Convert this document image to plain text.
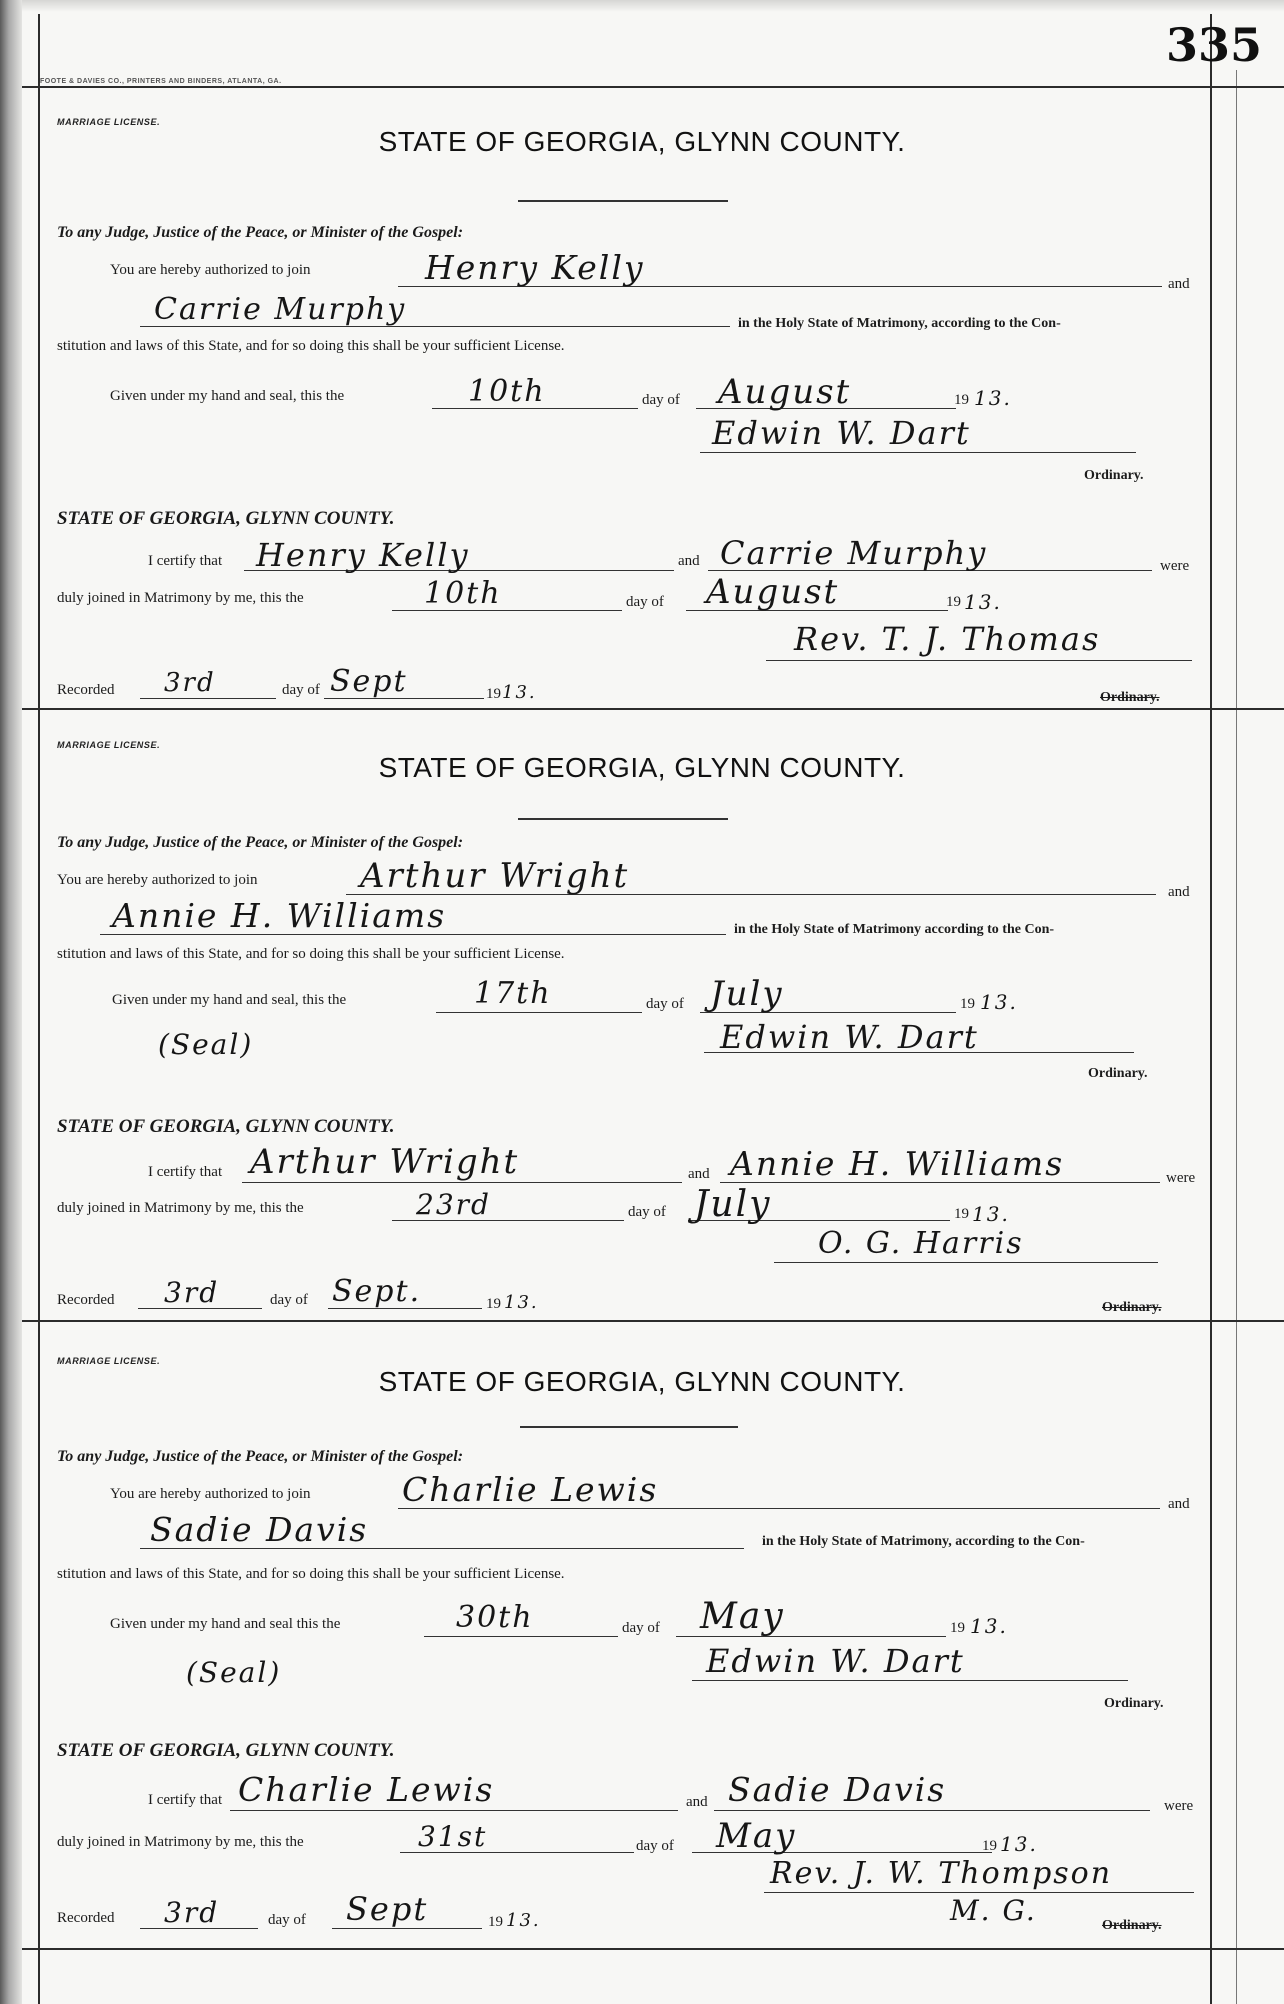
335
FOOTE & DAVIES CO., PRINTERS AND BINDERS, ATLANTA, GA.
MARRIAGE LICENSE.
STATE OF GEORGIA, GLYNN COUNTY.
To any Judge, Justice of the Peace, or Minister of the Gospel:
You are hereby authorized to join	Henry Kelly	and
Carrie Murphy	in the Holy State of Matrimony, according to the Con-
stitution and laws of this State, and for so doing this shall be your sufficient License.
Given under my hand and seal, this the	10th	day of August	19 13.
Edwin W. Dart
Ordinary.
STATE OF GEORGIA, GLYNN COUNTY.
I certify that Henry Kelly	and Carrie Murphy	were
duly joined in Matrimony by me, this the	10th	day of August	19 13.
Rev. T. J. Thomas
Recorded 3rd	day of Sept	19 13.	Ordinary.
MARRIAGE LICENSE.
STATE OF GEORGIA, GLYNN COUNTY.
To any Judge, Justice of the Peace, or Minister of the Gospel:
You are hereby authorized to join	Arthur Wright	and
Annie H. Williams	in the Holy State of Matrimony according to the Con-
stitution and laws of this State, and for so doing this shall be your sufficient License.
Given under my hand and seal, this the	17th	day of July	19 13.
(Seal)	Edwin W. Dart
Ordinary.
STATE OF GEORGIA, GLYNN COUNTY.
I certify that Arthur Wright	and Annie H. Williams	were
duly joined in Matrimony by me, this the	23rd	day of July	19 13.
O. G. Harris
Recorded 3rd	day of Sept.	19 13.	Ordinary.
MARRIAGE LICENSE.
STATE OF GEORGIA, GLYNN COUNTY.
To any Judge, Justice of the Peace, or Minister of the Gospel:
You are hereby authorized to join	Charlie Lewis	and
Sadie Davis	in the Holy State of Matrimony, according to the Con-
stitution and laws of this State, and for so doing this shall be your sufficient License.
Given under my hand and seal this the	30th	day of May	19 13.
(Seal)	Edwin W. Dart
Ordinary.
STATE OF GEORGIA, GLYNN COUNTY.
I certify that Charlie Lewis	and Sadie Davis	were
duly joined in Matrimony by me, this the	31st	day of May	19 13.
Rev. J. W. Thompson
M. G.
Recorded 3rd	day of Sept	19 13.	Ordinary.
